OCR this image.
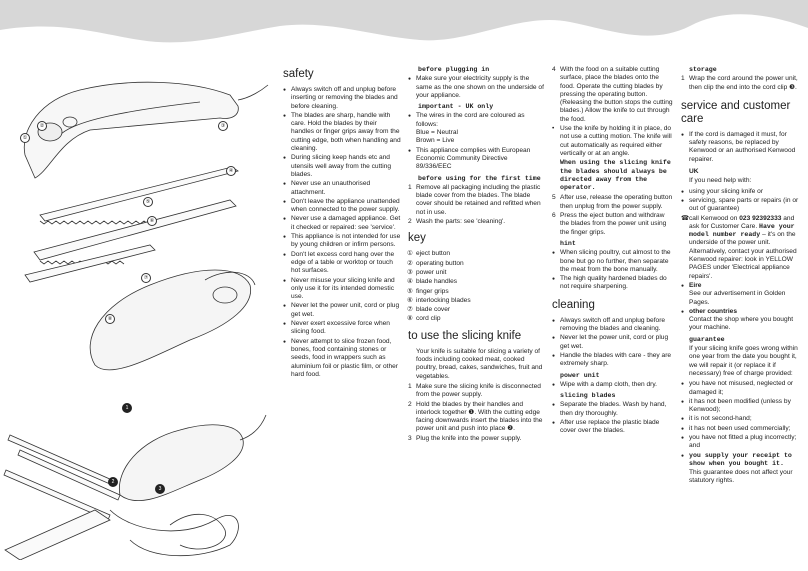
①
②	③
④
⑤
⑥
⑦
⑧
1
2
3
safety
● Always switch off and unplug before inserting or removing the blades and before cleaning.
● The blades are sharp, handle with care. Hold the blades by their handles or finger grips away from the cutting edge, both when handling and cleaning.
● During slicing keep hands etc and utensils well away from the cutting blades.
● Never use an unauthorised attachment.
● Don't leave the appliance unattended when connected to the power supply.
● Never use a damaged appliance. Get it checked or repaired: see 'service'.
● This appliance is not intended for use by young children or infirm persons.
● Don't let excess cord hang over the edge of a table or worktop or touch hot surfaces.
● Never misuse your slicing knife and only use it for its intended domestic use.
● Never let the power unit, cord or plug get wet.
● Never exert excessive force when slicing food.
● Never attempt to slice frozen food, bones, food containing stones or seeds, food in wrappers such as aluminium foil or plastic film, or other hard food.
before plugging in
● Make sure your electricity supply is the same as the one shown on the underside of your appliance.
important - UK only
● The wires in the cord are coloured as follows:
Blue = Neutral
Brown = Live
● This appliance complies with European Economic Community Directive 89/336/EEC
before using for the first time
1 Remove all packaging including the plastic blade cover from the blades. The blade cover should be retained and refitted when not in use.
2 Wash the parts: see 'cleaning'.
key
① eject button
② operating button
③ power unit
④ blade handles
⑤ finger grips
⑥ interlocking blades
⑦ blade cover
⑧ cord clip
to use the slicing knife

Your knife is suitable for slicing a variety of foods including cooked meat, cooked poultry, bread, cakes, sandwiches, fruit and vegetables.

1 Make sure the slicing knife is disconnected from the power supply.
2 Hold the blades by their handles and interlock together ❶. With the cutting edge facing downwards insert the blades into the power unit and push into place ❷.
3 Plug the knife into the power supply.
4 With the food on a suitable cutting surface, place the blades onto the food. Operate the cutting blades by pressing the operating button. (Releasing the button stops the cutting blades.) Allow the knife to cut through the food.
• Use the knife by holding it in place, do not use a cutting motion. The knife will cut automatically as required either vertically or at an angle.

When using the slicing knife the blades should always be directed away from the operator.

5 After use, release the operating button then unplug from the power supply.
6 Press the eject button and withdraw the blades from the power unit using the finger grips.
hint
● When slicing poultry, cut almost to the bone but go no further, then separate the meat from the bone manually.
● The high quality hardened blades do not require sharpening.
cleaning
● Always switch off and unplug before removing the blades and cleaning.
● Never let the power unit, cord or plug get wet.
● Handle the blades with care - they are extremely sharp.
power unit
● Wipe with a damp cloth, then dry.
slicing blades
● Separate the blades. Wash by hand, then dry thoroughly.
● After use replace the plastic blade cover over the blades.
storage
1 Wrap the cord around the power unit, then clip the end into the cord clip ❸.
service and customer care
● If the cord is damaged it must, for safety reasons, be replaced by Kenwood or an authorised Kenwood repairer.
UK

If you need help with:

● using your slicing knife or
● servicing, spare parts or repairs (in or out of guarantee)
☎ call Kenwood on 023 92392333 and ask for Customer Care. Have your model number ready – it's on the underside of the power unit. Alternatively, contact your authorised Kenwood repairer: look in YELLOW PAGES under 'Electrical appliance repairs'.
● Eire
See our advertisement in Golden Pages.
● other countries
Contact the shop where you bought your machine.
guarantee

If your slicing knife goes wrong within one year from the date you bought it, we will repair it (or replace it if necessary) free of charge provided:

● you have not misused, neglected or damaged it;
● it has not been modified (unless by Kenwood);
● it is not second-hand;
● it has not been used commercially;
● you have not fitted a plug incorrectly; and
● you supply your receipt to show when you bought it.

This guarantee does not affect your statutory rights.
